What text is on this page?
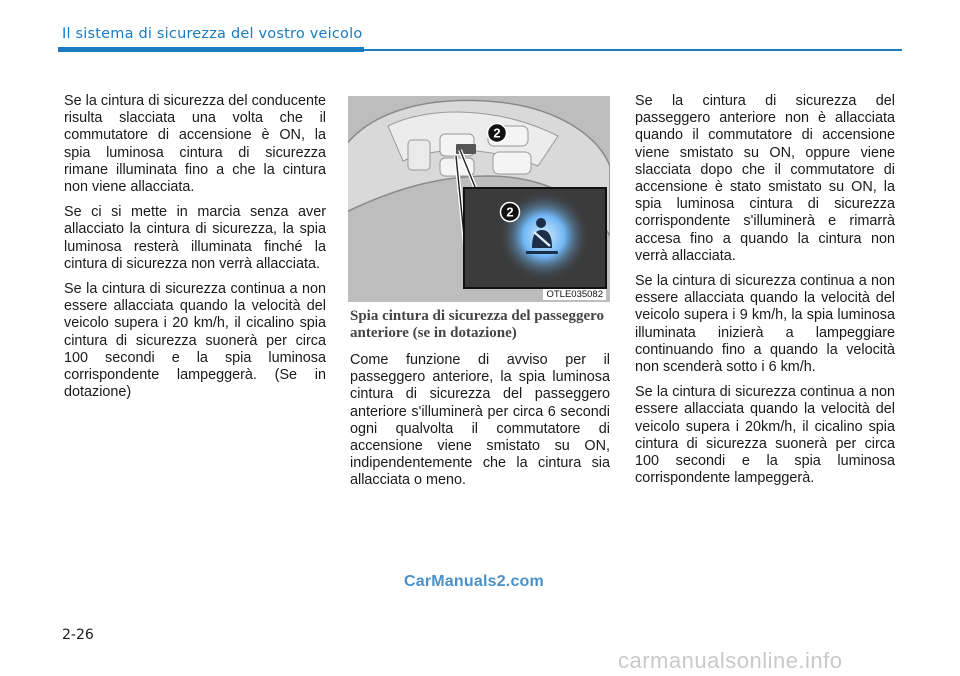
Il sistema di sicurezza del vostro veicolo

Se la cintura di sicurezza del conducente risulta slacciata una volta che il commutatore di accensione è ON, la spia luminosa cintura di sicurezza rimane illuminata fino a che la cintura non viene allacciata.

Se ci si mette in marcia senza aver allacciato la cintura di sicurezza, la spia luminosa resterà illuminata finché la cintura di sicurezza non verrà allacciata.

Se la cintura di sicurezza continua a non essere allacciata quando la velocità del veicolo supera i 20 km/h, il cicalino spia cintura di sicurezza suonerà per circa 100 secondi e la spia luminosa corrispondente lampeggerà. (Se in dotazione)

2
2
OTLE035082
Spia cintura di sicurezza del passeggero anteriore (se in dotazione)

Come funzione di avviso per il passeggero anteriore, la spia luminosa cintura di sicurezza del passeggero anteriore s'illuminerà per circa 6 secondi ogni qualvolta il commutatore di accensione viene smistato su ON, indipendentemente che la cintura sia allacciata o meno.

Se la cintura di sicurezza del passeggero anteriore non è allacciata quando il commutatore di accensione viene smistato su ON, oppure viene slacciata dopo che il commutatore di accensione è stato smistato su ON, la spia luminosa cintura di sicurezza corrispondente s'illuminerà e rimarrà accesa fino a quando la cintura non verrà allacciata.

Se la cintura di sicurezza continua a non essere allacciata quando la velocità del veicolo supera i 9 km/h, la spia luminosa illuminata inizierà a lampeggiare continuando fino a quando la velocità non scenderà sotto i 6 km/h.

Se la cintura di sicurezza continua a non essere allacciata quando la velocità del veicolo supera i 20km/h, il cicalino spia cintura di sicurezza suonerà per circa 100 secondi e la spia luminosa corrispondente lampeggerà.

CarManuals2.com
2-26
carmanualsonline.info
